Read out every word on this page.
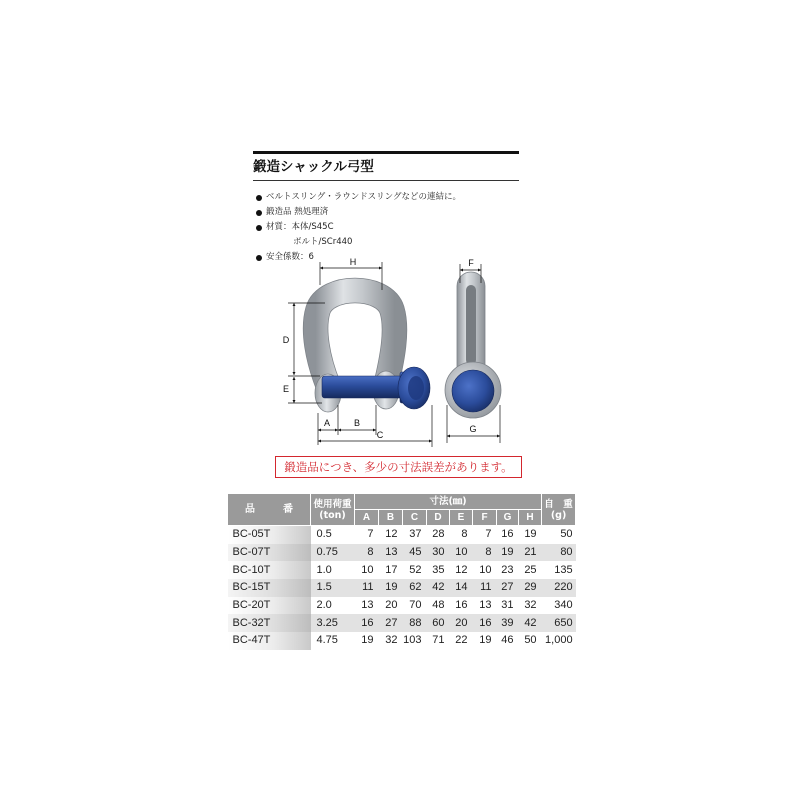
鍛造シャックル弓型
ベルトスリング・ラウンドスリングなどの連結に。
鍛造品 熱処理済
材質：本体/S45C
ボルト/SCr440
安全係数：6	H	F
D
E
A	B
C
G
鍛造品につき、多少の寸法誤差があります。
品　番	使用荷重
(ton)	寸法(㎜)								自　重
(g)
		A	B	C	D	E	F	G	H	
BC-05T	0.5	7	12	37	28	8	7	16	19	50
BC-07T	0.75	8	13	45	30	10	8	19	21	80
BC-10T	1.0	10	17	52	35	12	10	23	25	135
BC-15T	1.5	11	19	62	42	14	11	27	29	220
BC-20T	2.0	13	20	70	48	16	13	31	32	340
BC-32T	3.25	16	27	88	60	20	16	39	42	650
BC-47T	4.75	19	32	103	71	22	19	46	50	1,000
